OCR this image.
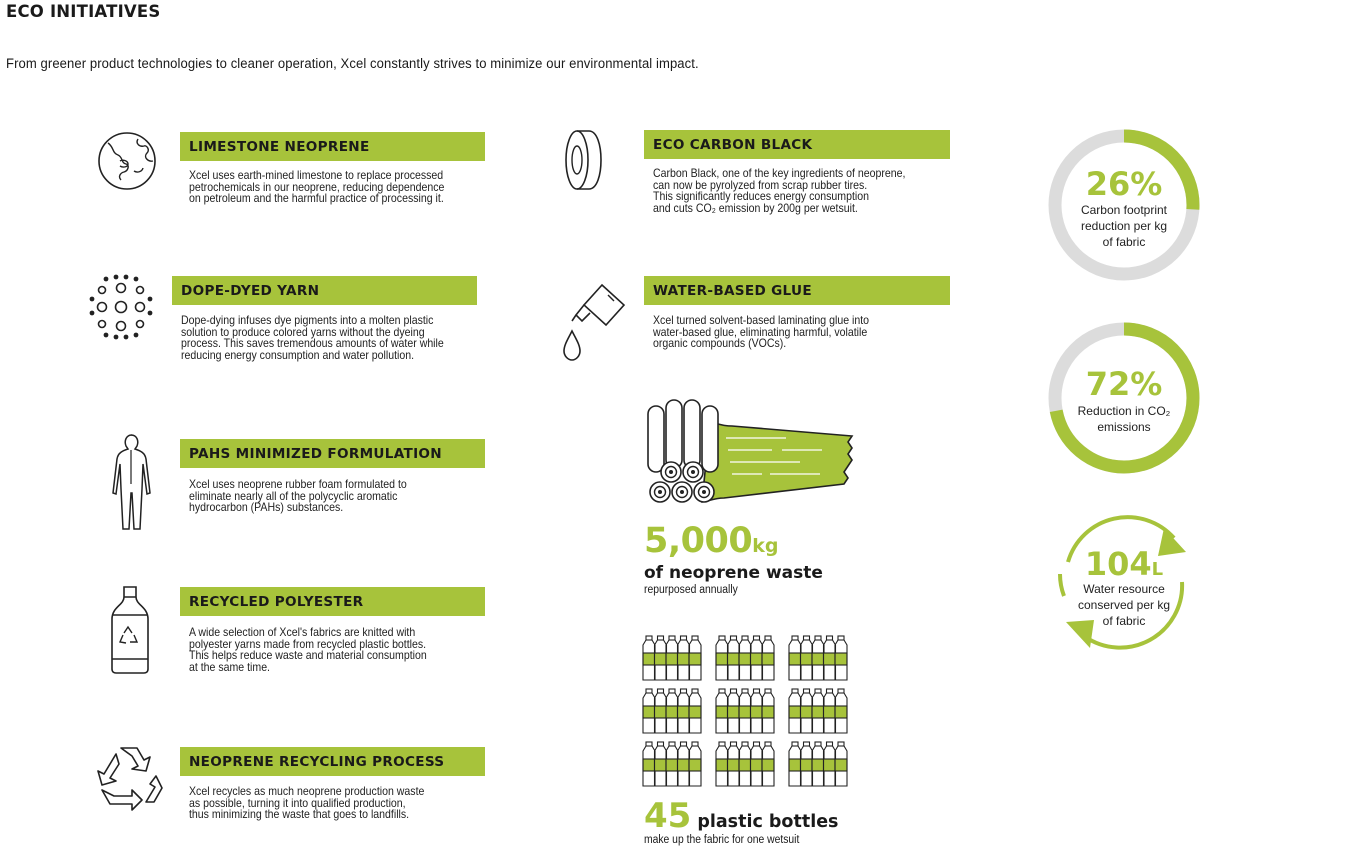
ECO INITIATIVES
From greener product technologies to cleaner operation, Xcel constantly strives to minimize our environmental impact.
LIMESTONE NEOPRENE
Xcel uses earth-mined limestone to replace processed
petrochemicals in our neoprene, reducing dependence
on petroleum and the harmful practice of processing it.
DOPE-DYED YARN
Dope-dying infuses dye pigments into a molten plastic
solution to produce colored yarns without the dyeing
process. This saves tremendous amounts of water while
reducing energy consumption and water pollution.
PAHS MINIMIZED FORMULATION
Xcel uses neoprene rubber foam formulated to
eliminate nearly all of the polycyclic aromatic
hydrocarbon (PAHs) substances.
RECYCLED POLYESTER
A wide selection of Xcel's fabrics are knitted with
polyester yarns made from recycled plastic bottles.
This helps reduce waste and material consumption
at the same time.
NEOPRENE RECYCLING PROCESS
Xcel recycles as much neoprene production waste
as possible, turning it into qualified production,
thus minimizing the waste that goes to landfills.
ECO CARBON BLACK
Carbon Black, one of the key ingredients of neoprene,
can now be pyrolyzed from scrap rubber tires.
This significantly reduces energy consumption
and cuts CO₂ emission by 200g per wetsuit.
WATER-BASED GLUE
Xcel turned solvent-based laminating glue into
water-based glue, eliminating harmful, volatile
organic compounds (VOCs).
5,000kg
of neoprene waste
repurposed annually
45 plastic bottles
make up the fabric for one wetsuit
26%
Carbon footprint
reduction per kg
of fabric
72%
Reduction in CO₂
emissions
104L
Water resource
conserved per kg
of fabric
